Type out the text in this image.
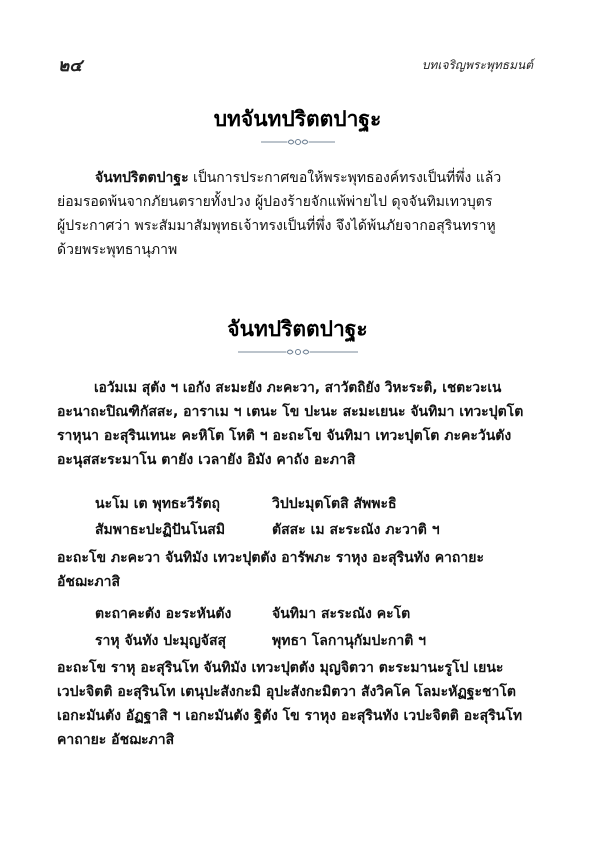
๒๔	บทเจริญพระพุทธมนต์
บทจันทปริตตปาฐะ
จันทปริตตปาฐะ เป็นการประกาศขอให้พระพุทธองค์ทรงเป็นที่พึ่ง แล้ว
ย่อมรอดพ้นจากภัยนตรายทั้งปวง ผู้ปองร้ายจักแพ้พ่ายไป ดุจจันทิมเทวบุตร
ผู้ประกาศว่า พระสัมมาสัมพุทธเจ้าทรงเป็นที่พึ่ง จึงได้พ้นภัยจากอสุรินทราหู
ด้วยพระพุทธานุภาพ
จันทปริตตปาฐะ
เอวัมเม สุตัง ฯ เอกัง สะมะยัง ภะคะวา, สาวัตถิยัง วิหะระติ, เชตะวะเน
อะนาถะปิณฑิกัสสะ, อาราเม ฯ เตนะ โข ปะนะ สะมะเยนะ จันทิมา เทวะปุตโต
ราหุนา อะสุรินเทนะ คะหิโต โหติ ฯ อะถะโข จันทิมา เทวะปุตโต ภะคะวันตัง
อะนุสสะระมาโน ตายัง เวลายัง อิมัง คาถัง อะภาสิ
นะโม เต พุทธะวีรัตถุ	วิปปะมุตโตสิ สัพพะธิ
สัมพาธะปะฏิปันโนสมิ	ตัสสะ เม สะระณัง ภะวาติ ฯ
อะถะโข ภะคะวา จันทิมัง เทวะปุตตัง อารัพภะ ราหุง อะสุรินทัง คาถายะ
อัชฌะภาสิ
ตะถาคะตัง อะระหันตัง	จันทิมา สะระณัง คะโต
ราหุ จันทัง ปะมุญจัสสุ	พุทธา โลกานุกัมปะกาติ ฯ
อะถะโข ราหุ อะสุรินโท จันทิมัง เทวะปุตตัง มุญจิตวา ตะระมานะรูโป เยนะ
เวปะจิตติ อะสุรินโท เตนุปะสังกะมิ อุปะสังกะมิตวา สังวิคโค โลมะหัฏฐะชาโต
เอกะมันตัง อัฏฐาสิ ฯ เอกะมันตัง ฐิตัง โข ราหุง อะสุรินทัง เวปะจิตติ อะสุรินโท
คาถายะ อัชฌะภาสิ
